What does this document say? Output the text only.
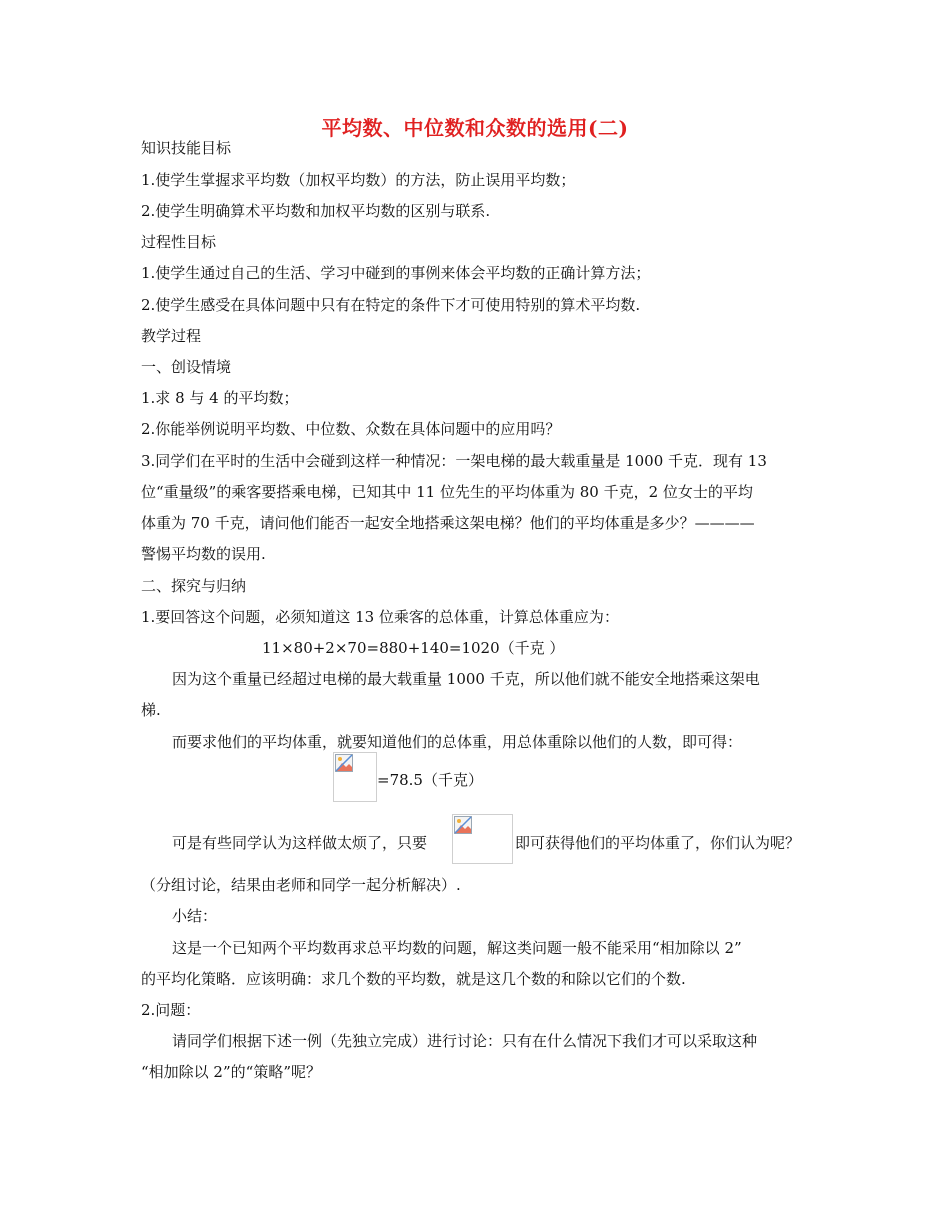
平均数、中位数和众数的选用(二)
知识技能目标
1.使学生掌握求平均数（加权平均数）的方法，防止误用平均数；
2.使学生明确算术平均数和加权平均数的区别与联系.
过程性目标
1.使学生通过自己的生活、学习中碰到的事例来体会平均数的正确计算方法；
2.使学生感受在具体问题中只有在特定的条件下才可使用特别的算术平均数.
教学过程
一、创设情境
1.求 8 与 4 的平均数；
2.你能举例说明平均数、中位数、众数在具体问题中的应用吗？
3.同学们在平时的生活中会碰到这样一种情况：一架电梯的最大载重量是 1000 千克．现有 13
位“重量级”的乘客要搭乘电梯，已知其中 11 位先生的平均体重为 80 千克，2 位女士的平均
体重为 70 千克，请问他们能否一起安全地搭乘这架电梯？他们的平均体重是多少？————
警惕平均数的误用.
二、探究与归纳
1.要回答这个问题，必须知道这 13 位乘客的总体重，计算总体重应为：
11×80+2×70=880+140=1020（千克 ）
因为这个重量已经超过电梯的最大载重量 1000 千克，所以他们就不能安全地搭乘这架电
梯.
而要求他们的平均体重，就要知道他们的总体重，用总体重除以他们的人数，即可得：
=78.5（千克）
可是有些同学认为这样做太烦了，只要	即可获得他们的平均体重了，你们认为呢？
（分组讨论，结果由老师和同学一起分析解决）.
小结：
这是一个已知两个平均数再求总平均数的问题，解这类问题一般不能采用“相加除以 2”
的平均化策略．应该明确：求几个数的平均数，就是这几个数的和除以它们的个数.
2.问题：
请同学们根据下述一例（先独立完成）进行讨论：只有在什么情况下我们才可以采取这种
“相加除以 2”的“策略”呢？
